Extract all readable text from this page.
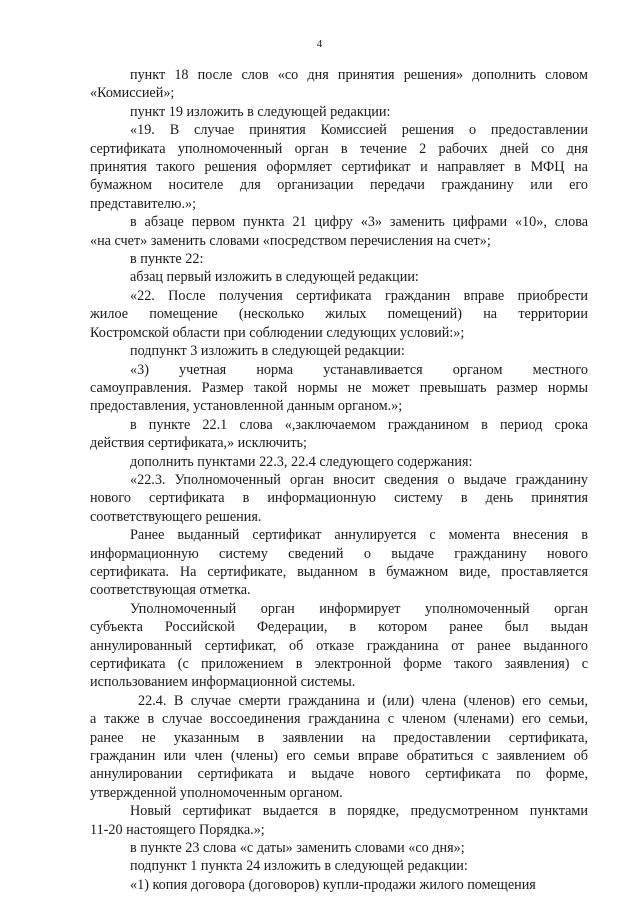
4
пункт 18 после слов «со дня принятия решения» дополнить словом
«Комиссией»;
пункт 19 изложить в следующей редакции:
«19. В случае принятия Комиссией решения о предоставлении
сертификата уполномоченный орган в течение 2 рабочих дней со дня
принятия такого решения оформляет сертификат и направляет в МФЦ на
бумажном носителе для организации передачи гражданину или его
представителю.»;
в абзаце первом пункта 21 цифру «3» заменить цифрами «10», слова
«на счет» заменить словами «посредством перечисления на счет»;
в пункте 22:
абзац первый изложить в следующей редакции:
«22. После получения сертификата гражданин вправе приобрести
жилое помещение (несколько жилых помещений) на территории
Костромской области при соблюдении следующих условий:»;
подпункт 3 изложить в следующей редакции:
«3) учетная норма устанавливается органом местного
самоуправления. Размер такой нормы не может превышать размер нормы
предоставления, установленной данным органом.»;
в пункте 22.1 слова «,заключаемом гражданином в период срока
действия сертификата,» исключить;
дополнить пунктами 22.3, 22.4 следующего содержания:
«22.3. Уполномоченный орган вносит сведения о выдаче гражданину
нового сертификата в информационную систему в день принятия
соответствующего решения.
Ранее выданный сертификат аннулируется с момента внесения в
информационную систему сведений о выдаче гражданину нового
сертификата. На сертификате, выданном в бумажном виде, проставляется
соответствующая отметка.
Уполномоченный орган информирует уполномоченный орган
субъекта Российской Федерации, в котором ранее был выдан
аннулированный сертификат, об отказе гражданина от ранее выданного
сертификата (с приложением в электронной форме такого заявления) с
использованием информационной системы.
22.4. В случае смерти гражданина и (или) члена (членов) его семьи,
а также в случае воссоединения гражданина с членом (членами) его семьи,
ранее не указанным в заявлении на предоставлении сертификата,
гражданин или член (члены) его семьи вправе обратиться с заявлением об
аннулировании сертификата и выдаче нового сертификата по форме,
утвержденной уполномоченным органом.
Новый сертификат выдается в порядке, предусмотренном пунктами
11-20 настоящего Порядка.»;
в пункте 23 слова «с даты» заменить словами «со дня»;
подпункт 1 пункта 24 изложить в следующей редакции:
«1) копия договора (договоров) купли-продажи жилого помещения
